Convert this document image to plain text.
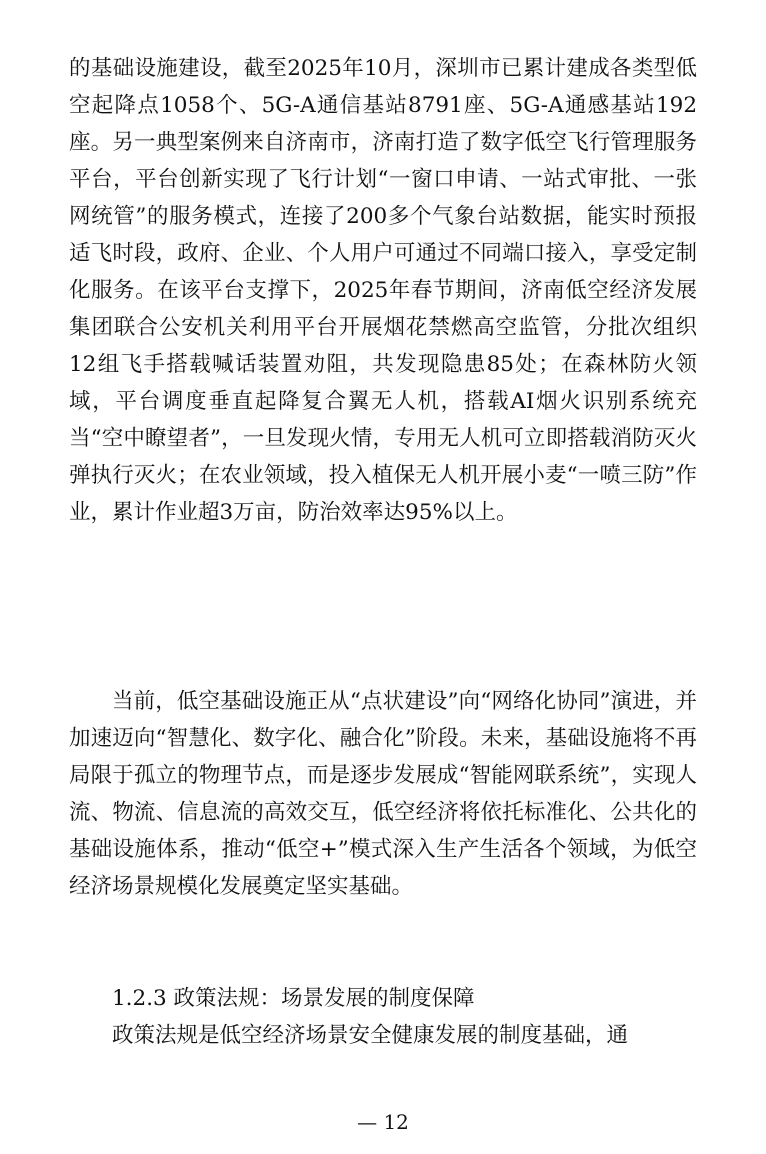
的基础设施建设，截至2025年10月，深圳市已累计建成各类型低空起降点1058个、5G-A通信基站8791座、5G-A通感基站192座。另一典型案例来自济南市，济南打造了数字低空飞行管理服务平台，平台创新实现了飞行计划“一窗口申请、一站式审批、一张网统管”的服务模式，连接了200多个气象台站数据，能实时预报适飞时段，政府、企业、个人用户可通过不同端口接入，享受定制化服务。在该平台支撑下，2025年春节期间，济南低空经济发展集团联合公安机关利用平台开展烟花禁燃高空监管，分批次组织12组飞手搭载喊话装置劝阻，共发现隐患85处；在森林防火领域，平台调度垂直起降复合翼无人机，搭载AI烟火识别系统充当“空中瞭望者”，一旦发现火情，专用无人机可立即搭载消防灭火弹执行灭火；在农业领域，投入植保无人机开展小麦“一喷三防”作业，累计作业超3万亩，防治效率达95%以上。

当前，低空基础设施正从“点状建设”向“网络化协同”演进，并加速迈向“智慧化、数字化、融合化”阶段。未来，基础设施将不再局限于孤立的物理节点，而是逐步发展成“智能网联系统”，实现人流、物流、信息流的高效交互，低空经济将依托标准化、公共化的基础设施体系，推动“低空+”模式深入生产生活各个领域，为低空经济场景规模化发展奠定坚实基础。

1.2.3 政策法规：场景发展的制度保障

政策法规是低空经济场景安全健康发展的制度基础，通

— 12
